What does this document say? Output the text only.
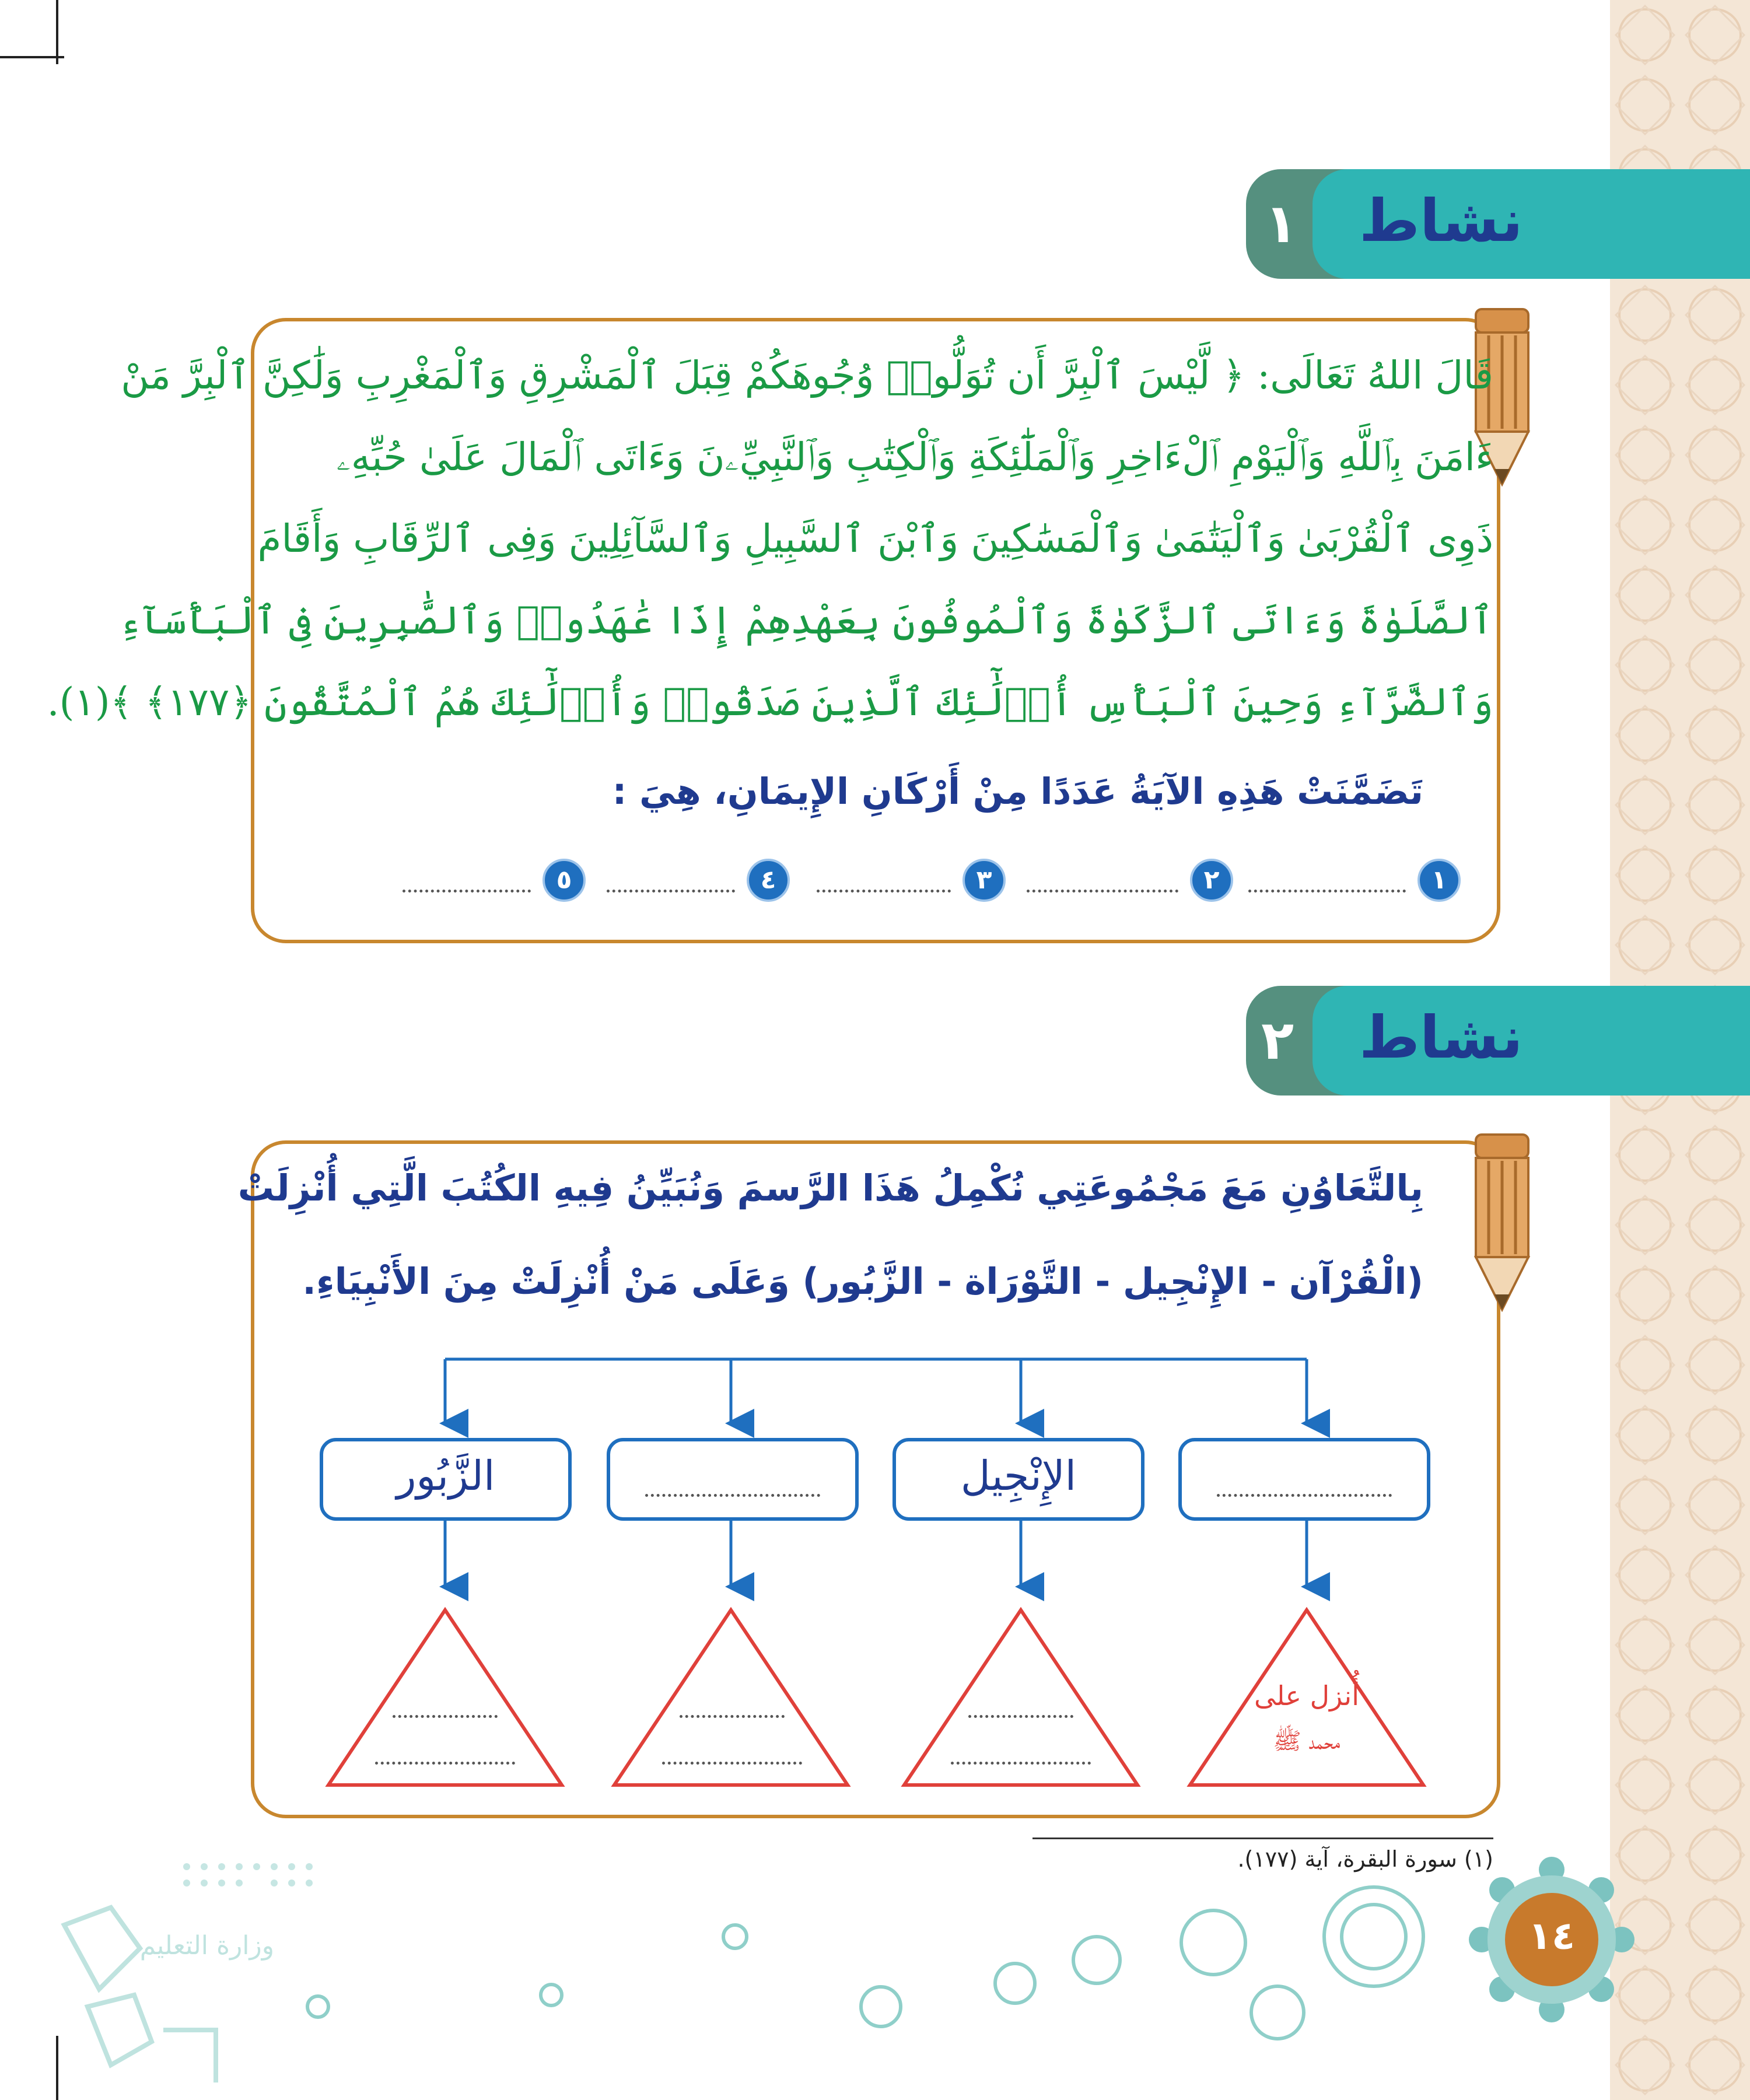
١ نشاط
قَالَ اللهُ تَعَالَى: ﴿ لَّيْسَ ٱلْبِرَّ أَن تُوَلُّوا۟ وُجُوهَكُمْ قِبَلَ ٱلْمَشْرِقِ وَٱلْمَغْرِبِ وَلَٰكِنَّ ٱلْبِرَّ مَنْ
ءَامَنَ بِٱللَّهِ وَٱلْيَوْمِ ٱلْءَاخِرِ وَٱلْمَلَٰٓئِكَةِ وَٱلْكِتَٰبِ وَٱلنَّبِيِّۦنَ وَءَاتَى ٱلْمَالَ عَلَىٰ حُبِّهِۦ
ذَوِى ٱلْقُرْبَىٰ وَٱلْيَتَٰمَىٰ وَٱلْمَسَٰكِينَ وَٱبْنَ ٱلسَّبِيلِ وَٱلسَّآئِلِينَ وَفِى ٱلرِّقَابِ وَأَقَامَ
ٱلصَّلَوٰةَ وَءَاتَى ٱلزَّكَوٰةَ وَٱلْمُوفُونَ بِعَهْدِهِمْ إِذَا عَٰهَدُوا۟ وَٱلصَّٰبِرِينَ فِى ٱلْبَأْسَآءِ
وَٱلضَّرَّآءِ وَحِينَ ٱلْبَأْسِ أُو۟لَٰٓئِكَ ٱلَّذِينَ صَدَقُوا۟ وَأُو۟لَٰٓئِكَ هُمُ ٱلْمُتَّقُونَ ﴿١٧٧﴾ ﴾(١).
تَضَمَّنَتْ هَذِهِ الآيَةُ عَدَدًا مِنْ أَرْكَانِ الإِيمَانِ، هِيَ :
١
٢
٣
٤
٥
٢ نشاط
بِالتَّعَاوُنِ مَعَ مَجْمُوعَتِي نُكْمِلُ هَذَا الرَّسمَ وَنُبَيِّنُ فِيهِ الكُتُبَ الَّتِي أُنْزِلَتْ
(الْقُرْآن - الإِنْجِيل - التَّوْرَاة - الزَّبُور) وَعَلَى مَنْ أُنْزِلَتْ مِنَ الأَنْبِيَاءِ.
الإِنْجِيل
الزَّبُور
أُنزل على
محمد ﷺ
(١) سورة البقرة، آية (١٧٧).
١٤
وزارة التعليم
